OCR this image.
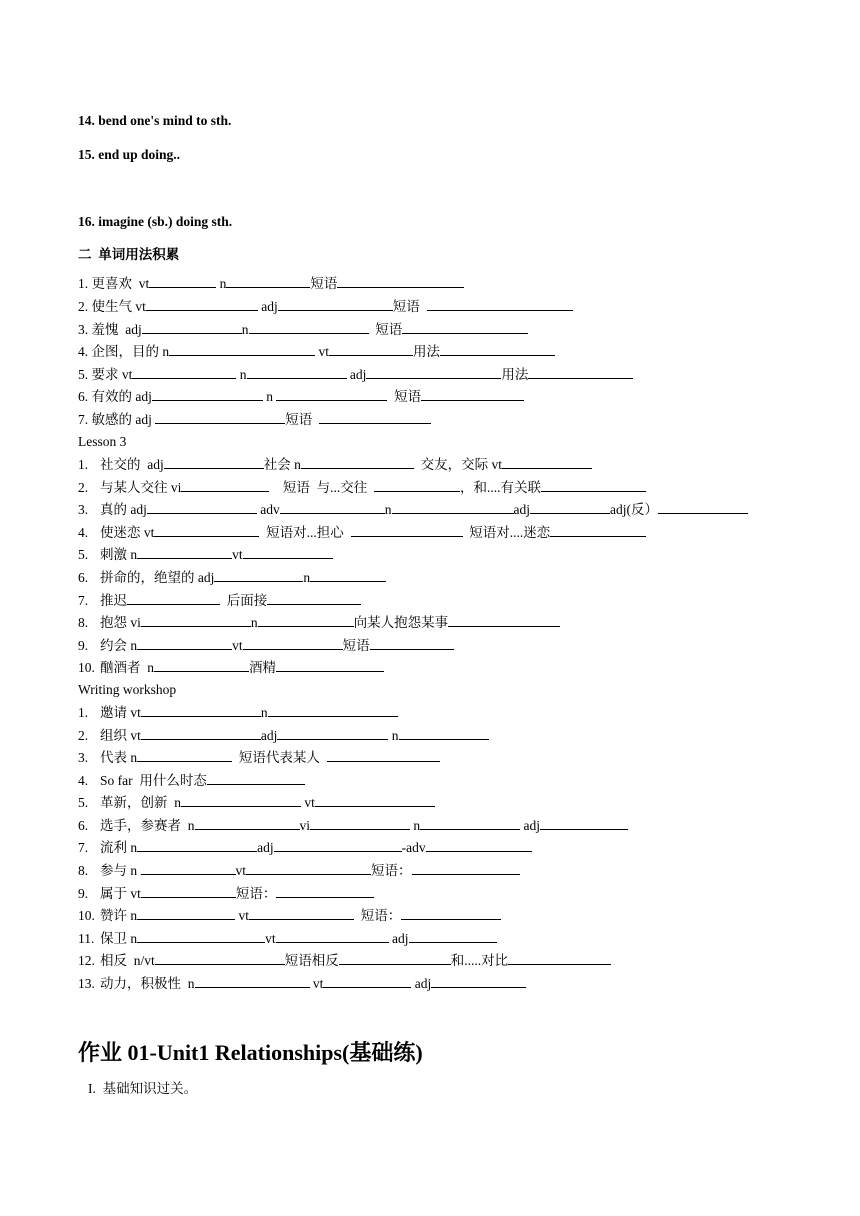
14. bend one's mind to sth.
15. end up doing..
16. imagine (sb.) doing sth.
二  单词用法积累
1. 更喜欢  vt	n	短语
2. 使生气 vt	adj	短语
3. 羞愧  adj	n	短语
4. 企图，目的 n	vt	用法
5. 要求 vt	n	adj	用法
6. 有效的 adj	n	短语
7. 敏感的 adj	短语
Lesson 3
1. 社交的  adj	社会 n	交友，交际 vt
2. 与某人交往 vi	短语  与...交往	，和....有关联
3. 真的 adj	adv	n	adj	adj(反）
4. 使迷恋 vt	短语对...担心	短语对....迷恋
5. 刺激 n	vt
6. 拼命的，绝望的 adj	n
7. 推迟	后面接
8. 抱怨 vi	n	向某人抱怨某事
9. 约会 n	vt	短语
10. 酗酒者  n	酒精
Writing workshop
1. 邀请 vt	n
2. 组织 vt	adj	n
3. 代表 n	短语代表某人
4. So far  用什么时态
5. 革新，创新  n	vt
6. 选手，参赛者  n	vi	n	adj
7. 流利 n	adj	-adv
8. 参与 n	vt	短语：
9. 属于 vt	短语：
10. 赞许 n	vt	短语：
11. 保卫 n	vt	adj
12. 相反  n/vt	短语相反	和.....对比
13. 动力，积极性  n	vt	adj
作业 01-Unit1 Relationships(基础练)
I.  基础知识过关。
